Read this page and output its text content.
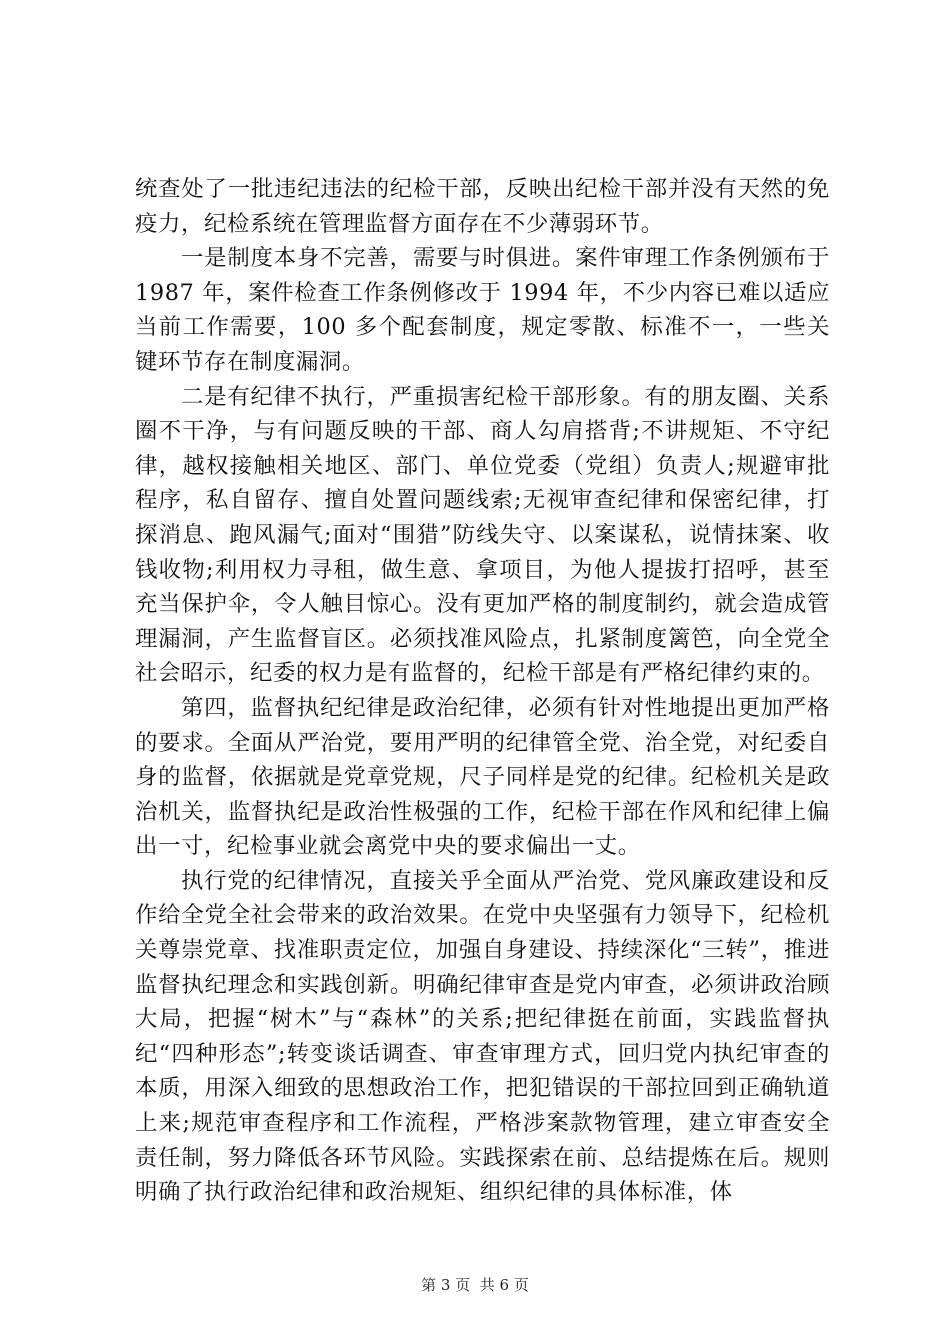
统查处了一批违纪违法的纪检干部，反映出纪检干部并没有天然的免疫力，纪检系统在管理监督方面存在不少薄弱环节。

一是制度本身不完善，需要与时俱进。案件审理工作条例颁布于 1987 年，案件检查工作条例修改于 1994 年，不少内容已难以适应当前工作需要，100 多个配套制度，规定零散、标准不一，一些关键环节存在制度漏洞。

二是有纪律不执行，严重损害纪检干部形象。有的朋友圈、关系圈不干净，与有问题反映的干部、商人勾肩搭背;不讲规矩、不守纪律，越权接触相关地区、部门、单位党委（党组）负责人;规避审批程序，私自留存、擅自处置问题线索;无视审查纪律和保密纪律，打探消息、跑风漏气;面对“围猎”防线失守、以案谋私，说情抹案、收钱收物;利用权力寻租，做生意、拿项目，为他人提拔打招呼，甚至充当保护伞，令人触目惊心。没有更加严格的制度制约，就会造成管理漏洞，产生监督盲区。必须找准风险点，扎紧制度篱笆，向全党全社会昭示，纪委的权力是有监督的，纪检干部是有严格纪律约束的。

第四，监督执纪纪律是政治纪律，必须有针对性地提出更加严格的要求。全面从严治党，要用严明的纪律管全党、治全党，对纪委自身的监督，依据就是党章党规，尺子同样是党的纪律。纪检机关是政治机关，监督执纪是政治性极强的工作，纪检干部在作风和纪律上偏出一寸，纪检事业就会离党中央的要求偏出一丈。

执行党的纪律情况，直接关乎全面从严治党、党风廉政建设和反作给全党全社会带来的政治效果。在党中央坚强有力领导下，纪检机关尊崇党章、找准职责定位，加强自身建设、持续深化“三转”，推进监督执纪理念和实践创新。明确纪律审查是党内审查，必须讲政治顾大局，把握“树木”与“森林”的关系;把纪律挺在前面，实践监督执纪“四种形态”;转变谈话调查、审查审理方式，回归党内执纪审查的本质，用深入细致的思想政治工作，把犯错误的干部拉回到正确轨道上来;规范审查程序和工作流程，严格涉案款物管理，建立审查安全责任制，努力降低各环节风险。实践探索在前、总结提炼在后。规则明确了执行政治纪律和政治规矩、组织纪律的具体标准，体

第 3 页  共 6 页
